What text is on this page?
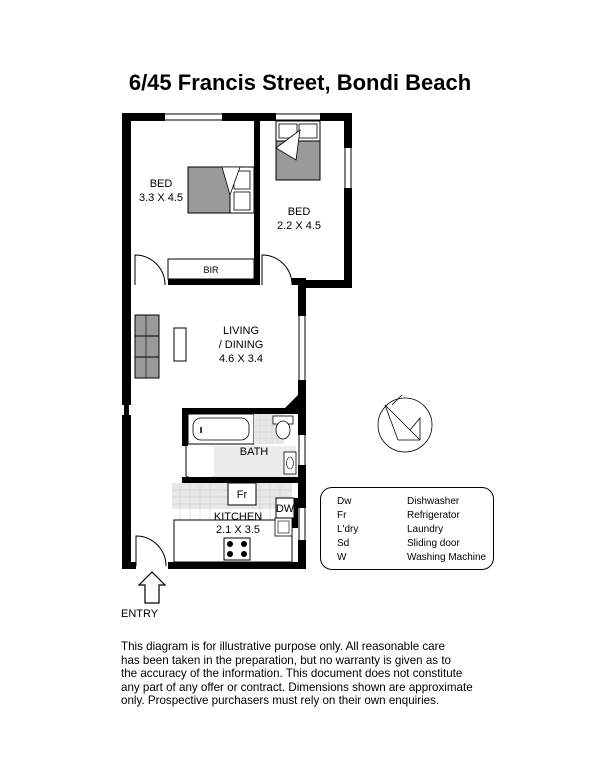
6/45 Francis Street, Bondi Beach
BED
3.3 X 4.5
BED
2.2 X 4.5
BIR
LIVING
/ DINING
4.6 X 3.4
BATH
Fr
KITCHEN
2.1 X 3.5
DW
ENTRY
Dw	Dishwasher
Fr	Refrigerator
L'dry	Laundry
Sd	Sliding door
W	Washing Machine
This diagram is for illustrative purpose only. All reasonable care
has been taken in the preparation, but no warranty is given as to
the accuracy of the information. This document does not constitute
any part of any offer or contract. Dimensions shown are approximate
only. Prospective purchasers must rely on their own enquiries.
